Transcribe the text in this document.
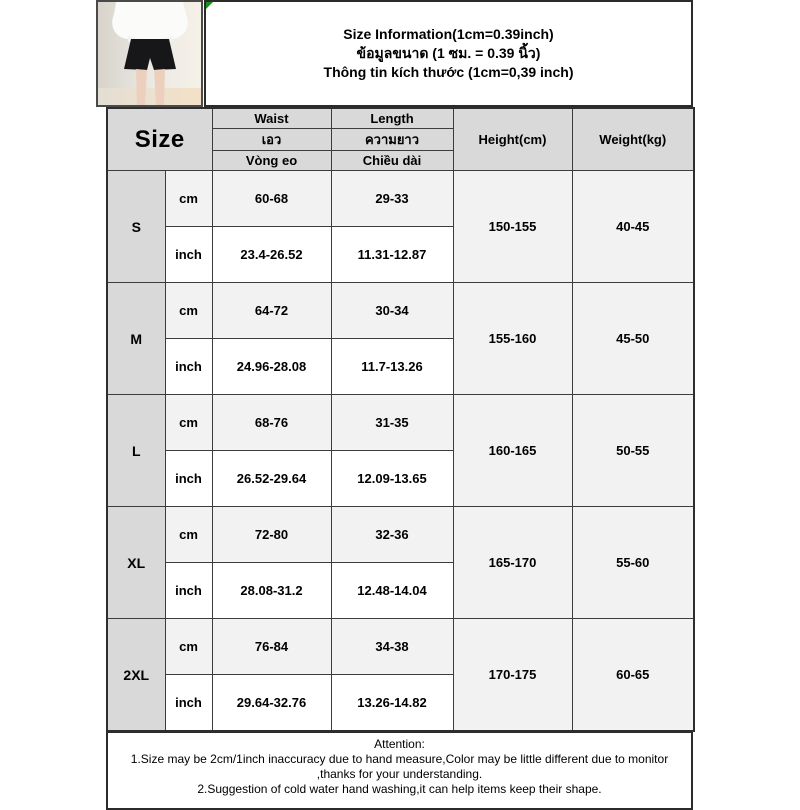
Size Information(1cm=0.39inch)
ข้อมูลขนาด (1 ซม. = 0.39 นิ้ว)
Thông tin kích thước (1cm=0,39 inch)
Size		Waist	Length	Height(cm)	Weight(kg)
		เอว	ความยาว		
		Vòng eo	Chiều dài		
S	cm	60-68	29-33	150-155	40-45
	inch	23.4-26.52	11.31-12.87		
M	cm	64-72	30-34	155-160	45-50
	inch	24.96-28.08	11.7-13.26		
L	cm	68-76	31-35	160-165	50-55
	inch	26.52-29.64	12.09-13.65		
XL	cm	72-80	32-36	165-170	55-60
	inch	28.08-31.2	12.48-14.04		
2XL	cm	76-84	34-38	170-175	60-65
	inch	29.64-32.76	13.26-14.82		
Attention:
1.Size may be 2cm/1inch inaccuracy due to hand measure,Color may be little different due to monitor ,thanks for your understanding.
2.Suggestion of cold water hand washing,it can help items keep their shape.
